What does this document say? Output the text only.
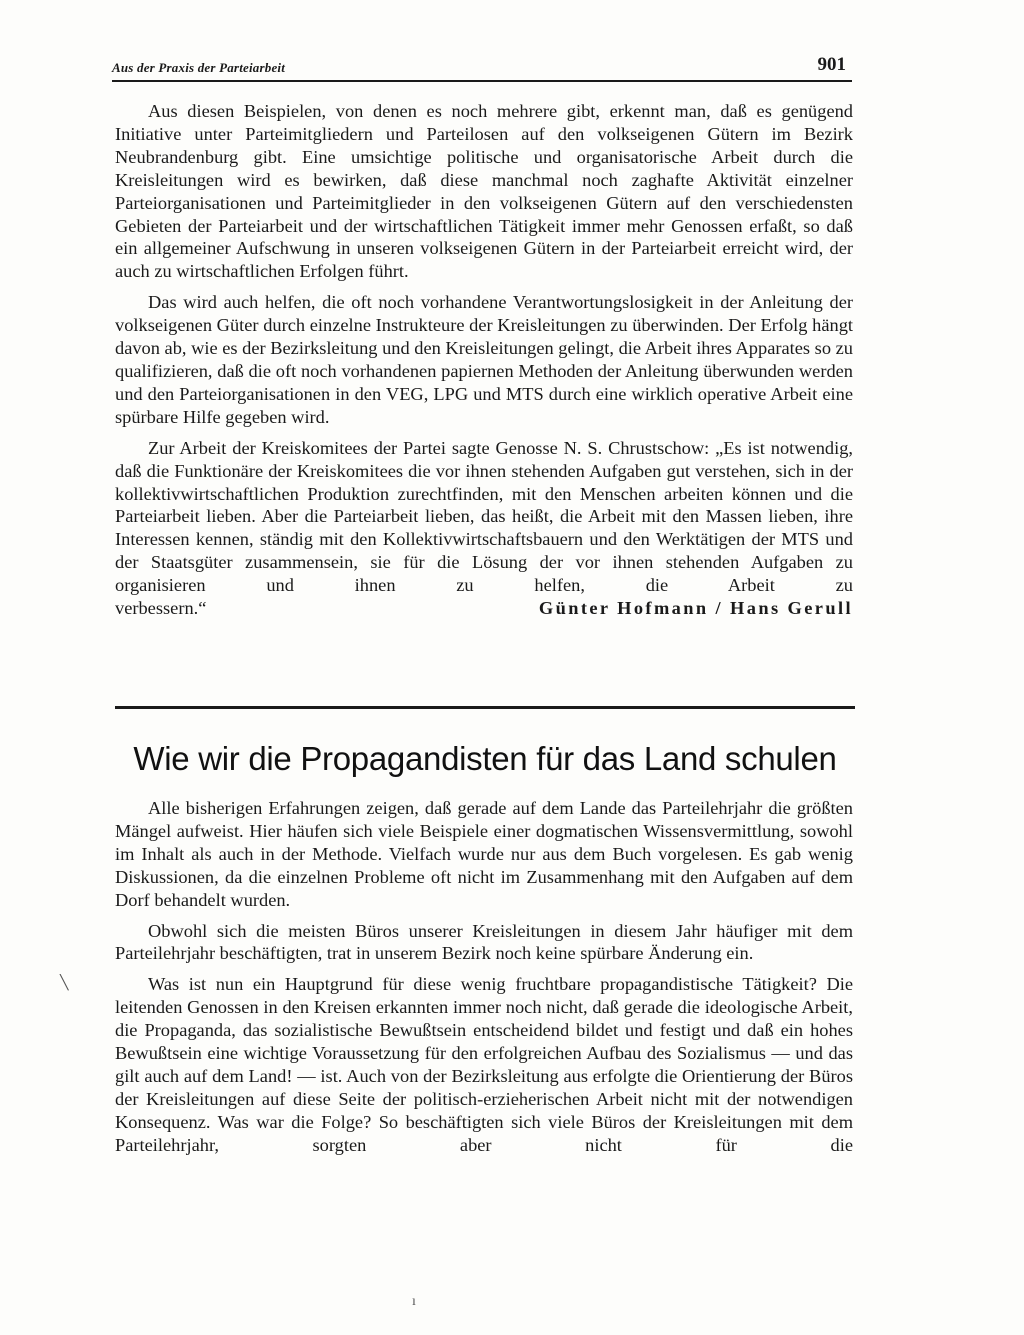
Aus der Praxis der Parteiarbeit	901

Aus diesen Beispielen, von denen es noch mehrere gibt, erkennt man, daß es genügend Initiative unter Parteimitgliedern und Parteilosen auf den volkseigenen Gütern im Bezirk Neubrandenburg gibt. Eine umsichtige politische und organisatorische Arbeit durch die Kreisleitungen wird es bewirken, daß diese manchmal noch zaghafte Aktivität einzelner Parteiorganisationen und Parteimitglieder in den volkseigenen Gütern auf den verschiedensten Gebieten der Parteiarbeit und der wirtschaftlichen Tätigkeit immer mehr Genossen erfaßt, so daß ein allgemeiner Aufschwung in unseren volkseigenen Gütern in der Parteiarbeit erreicht wird, der auch zu wirtschaftlichen Erfolgen führt.

Das wird auch helfen, die oft noch vorhandene Verantwortungslosigkeit in der Anleitung der volkseigenen Güter durch einzelne Instrukteure der Kreisleitungen zu überwinden. Der Erfolg hängt davon ab, wie es der Bezirksleitung und den Kreisleitungen gelingt, die Arbeit ihres Apparates so zu qualifizieren, daß die oft noch vorhandenen papiernen Methoden der Anleitung überwunden werden und den Parteiorganisationen in den VEG, LPG und MTS durch eine wirklich operative Arbeit eine spürbare Hilfe gegeben wird.

Zur Arbeit der Kreiskomitees der Partei sagte Genosse N. S. Chrustschow: „Es ist notwendig, daß die Funktionäre der Kreiskomitees die vor ihnen stehenden Aufgaben gut verstehen, sich in der kollektivwirtschaftlichen Produktion zurechtfinden, mit den Menschen arbeiten können und die Parteiarbeit lieben. Aber die Parteiarbeit lieben, das heißt, die Arbeit mit den Massen lieben, ihre Interessen kennen, ständig mit den Kollektivwirtschaftsbauern und den Werktätigen der MTS und der Staatsgüter zusammensein, sie für die Lösung der vor ihnen stehenden Aufgaben zu organisieren und ihnen zu helfen, die Arbeit zu

verbessern.“	Günter Hofmann / Hans Gerull
Wie wir die Propagandisten für das Land schulen

Alle bisherigen Erfahrungen zeigen, daß gerade auf dem Lande das Parteilehrjahr die größten Mängel aufweist. Hier häufen sich viele Beispiele einer dogmatischen Wissensvermittlung, sowohl im Inhalt als auch in der Methode. Vielfach wurde nur aus dem Buch vorgelesen. Es gab wenig Diskussionen, da die einzelnen Probleme oft nicht im Zusammenhang mit den Aufgaben auf dem Dorf behandelt wurden.

Obwohl sich die meisten Büros unserer Kreisleitungen in diesem Jahr häufiger mit dem Parteilehrjahr beschäftigten, trat in unserem Bezirk noch keine spürbare Änderung ein.

Was ist nun ein Hauptgrund für diese wenig fruchtbare propagandistische Tätigkeit? Die leitenden Genossen in den Kreisen erkannten immer noch nicht, daß gerade die ideologische Arbeit, die Propaganda, das sozialistische Bewußtsein entscheidend bildet und festigt und daß ein hohes Bewußtsein eine wichtige Voraussetzung für den erfolgreichen Aufbau des Sozialismus — und das gilt auch auf dem Land! — ist. Auch von der Bezirksleitung aus erfolgte die Orientierung der Büros der Kreisleitungen auf diese Seite der politisch-erzieherischen Arbeit nicht mit der notwendigen Konsequenz. Was war die Folge? So beschäftigten sich viele Büros der Kreisleitungen mit dem Parteilehrjahr, sorgten aber nicht für die

╲
ı
